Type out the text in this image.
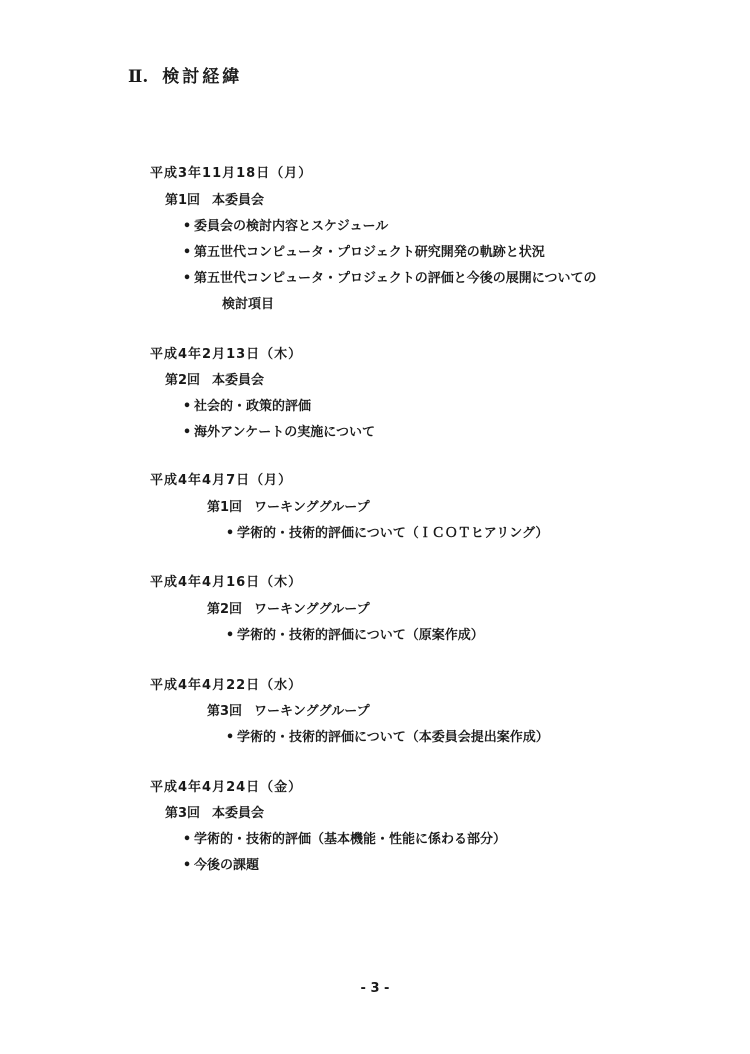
Ⅱ. 検討経緯
平成3年11月18日（月）
第1回 本委員会
• 委員会の検討内容とスケジュール
• 第五世代コンピュータ・プロジェクト研究開発の軌跡と状況
• 第五世代コンピュータ・プロジェクトの評価と今後の展開についての
検討項目
平成4年2月13日（木）
第2回 本委員会
• 社会的・政策的評価
• 海外アンケートの実施について
平成4年4月7日（月）
第1回 ワーキンググループ
• 学術的・技術的評価について（ＩＣＯＴヒアリング）
平成4年4月16日（木）
第2回 ワーキンググループ
• 学術的・技術的評価について（原案作成）
平成4年4月22日（水）
第3回 ワーキンググループ
• 学術的・技術的評価について（本委員会提出案作成）
平成4年4月24日（金）
第3回 本委員会
• 学術的・技術的評価（基本機能・性能に係わる部分）
• 今後の課題
- 3 -
